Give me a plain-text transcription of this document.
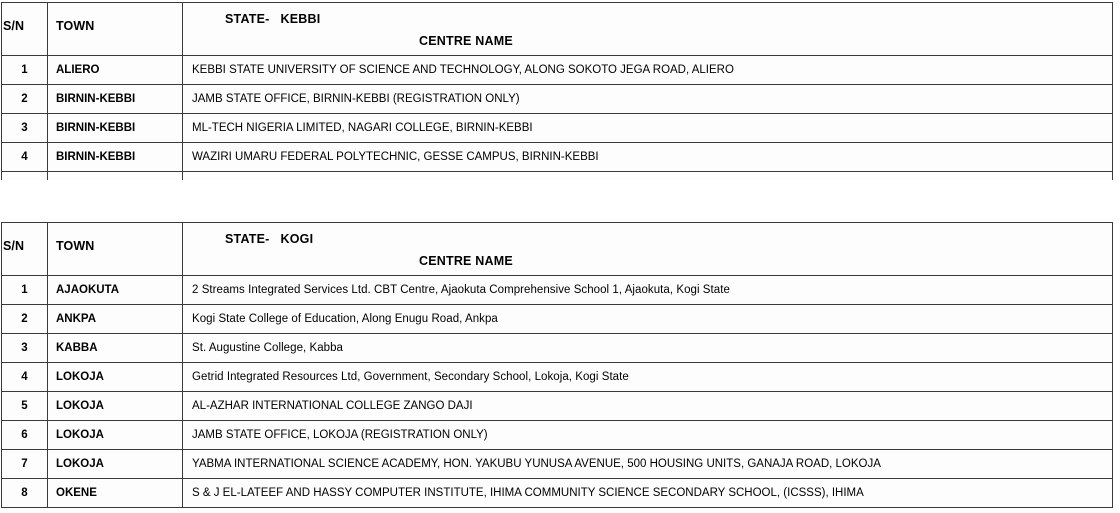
S/N	TOWN	STATE-   KEBBI
CENTRE NAME

1	ALIERO	KEBBI STATE UNIVERSITY OF SCIENCE AND TECHNOLOGY, ALONG SOKOTO JEGA ROAD, ALIERO
2	BIRNIN-KEBBI	JAMB STATE OFFICE, BIRNIN-KEBBI (REGISTRATION ONLY)
3	BIRNIN-KEBBI	ML-TECH NIGERIA LIMITED, NAGARI COLLEGE, BIRNIN-KEBBI
4	BIRNIN-KEBBI	WAZIRI UMARU FEDERAL POLYTECHNIC, GESSE CAMPUS, BIRNIN-KEBBI

S/N	TOWN	STATE-   KOGI
CENTRE NAME

1	AJAOKUTA	2 Streams Integrated Services Ltd. CBT Centre, Ajaokuta Comprehensive School 1, Ajaokuta, Kogi State
2	ANKPA	Kogi State College of Education, Along Enugu Road, Ankpa
3	KABBA	St. Augustine College, Kabba
4	LOKOJA	Getrid Integrated Resources Ltd, Government, Secondary School, Lokoja, Kogi State
5	LOKOJA	AL-AZHAR INTERNATIONAL COLLEGE ZANGO DAJI
6	LOKOJA	JAMB STATE OFFICE, LOKOJA (REGISTRATION ONLY)
7	LOKOJA	YABMA INTERNATIONAL SCIENCE ACADEMY, HON. YAKUBU YUNUSA AVENUE, 500 HOUSING UNITS, GANAJA ROAD, LOKOJA
8	OKENE	S & J EL-LATEEF AND HASSY COMPUTER INSTITUTE, IHIMA COMMUNITY SCIENCE SECONDARY SCHOOL, (ICSSS), IHIMA
